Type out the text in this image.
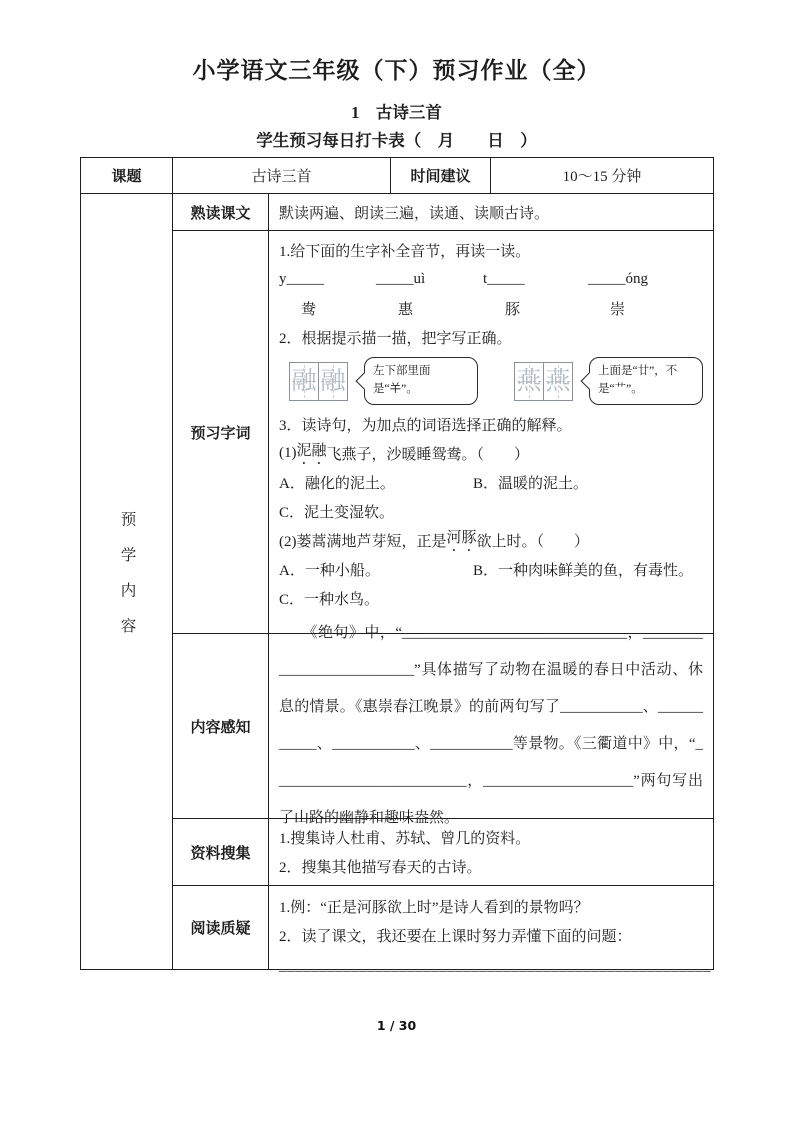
小学语文三年级（下）预习作业（全）
1　古诗三首
学生预习每日打卡表（　月　　日　）
课题	古诗三首	时间建议	10～15 分钟
预学内容
熟读课文	默读两遍、朗读三遍，读通、读顺古诗。
预习字词
1.给下面的生字补全音节，再读一读。
y_____	_____uì	t_____	_____óng
鸯	惠	豚	崇
2．根据提示描一描，把字写正确。
融 融	左下部里面是“𢆉”。	燕 燕	上面是“廿”，不是“艹”。
3．读诗句，为加点的词语选择正确的解释。
(1) 泥融 飞燕子，沙暖睡鸳鸯。（　　）
A．融化的泥土。	B．温暖的泥土。
C．泥土变湿软。
(2)蒌蒿满地芦芽短，正是 河豚 欲上时。（　　）
A．一种小船。	B．一种肉味鲜美的鱼，有毒性。
C．一种水鸟。
内容感知
　　《绝句》中，“______________________________，__________________________”具体描写了动物在温暖的春日中活动、休息的情景。《惠崇春江晚景》的前两句写了___________、___________、___________、___________等景物。《三衢道中》中，“__________________________，____________________”两句写出了山路的幽静和趣味盎然。
资料搜集
1.搜集诗人杜甫、苏轼、曾几的资料。
2．搜集其他描写春天的古诗。
阅读质疑
1.例：“正是河豚欲上时”是诗人看到的景物吗？
2．读了课文，我还要在上课时努力弄懂下面的问题：
______________________________________________________
1 / 30
